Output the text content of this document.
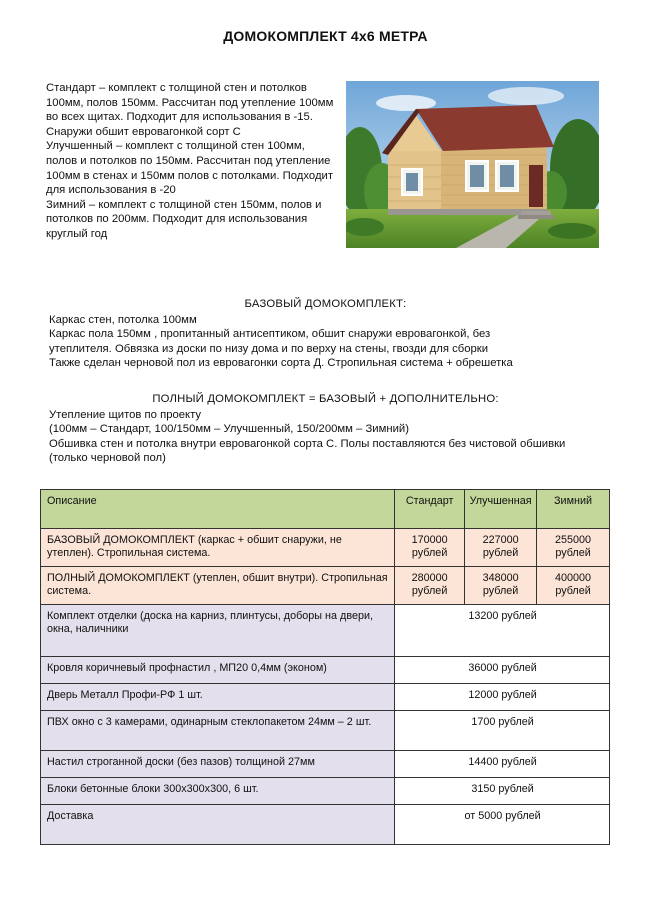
ДОМОКОМПЛЕКТ 4х6 МЕТРА

Стандарт – комплект с толщиной стен и потолков 100мм, полов 150мм. Рассчитан под утепление 100мм во всех щитах. Подходит для использования в -15. Снаружи обшит евровагонкой сорт С

Улучшенный – комплект с толщиной стен 100мм, полов и потолков по 150мм. Рассчитан под утепление 100мм в стенах и 150мм полов с потолками. Подходит для использования в -20

Зимний – комплект с толщиной стен 150мм, полов и потолков по 200мм. Подходит для использования круглый год

БАЗОВЫЙ ДОМОКОМПЛЕКТ:
Каркас стен, потолка 100мм
Каркас пола 150мм , пропитанный антисептиком, обшит снаружи евровагонкой, без
утеплителя. Обвязка из доски по низу дома и по верху на стены, гвозди для сборки
Также сделан черновой пол из евровагонки сорта Д. Стропильная система + обрешетка
ПОЛНЫЙ ДОМОКОМПЛЕКТ = БАЗОВЫЙ + ДОПОЛНИТЕЛЬНО:
Утепление щитов по проекту
(100мм – Стандарт, 100/150мм – Улучшенный, 150/200мм – Зимний)
Обшивка стен и потолка внутри евровагонкой сорта С. Полы поставляются без чистовой обшивки (только черновой пол)
Описание	Стандарт	Улучшенная	Зимний
БАЗОВЫЙ ДОМОКОМПЛЕКТ (каркас + обшит снаружи, не утеплен). Стропильная система.	170000 рублей	227000 рублей	255000 рублей
ПОЛНЫЙ ДОМОКОМПЛЕКТ (утеплен, обшит внутри). Стропильная система.	280000 рублей	348000 рублей	400000 рублей
Комплект отделки (доска на карниз, плинтусы, доборы на двери, окна, наличники	13200 рублей		
Кровля коричневый профнастил , МП20 0,4мм (эконом)	36000 рублей		
Дверь Металл Профи-РФ 1 шт.	12000 рублей		
ПВХ окно с 3 камерами, одинарным стеклопакетом 24мм – 2 шт.	1700 рублей		
Настил строганной доски (без пазов) толщиной 27мм	14400 рублей		
Блоки бетонные блоки 300х300х300, 6 шт.	3150 рублей		
Доставка	от 5000 рублей		
